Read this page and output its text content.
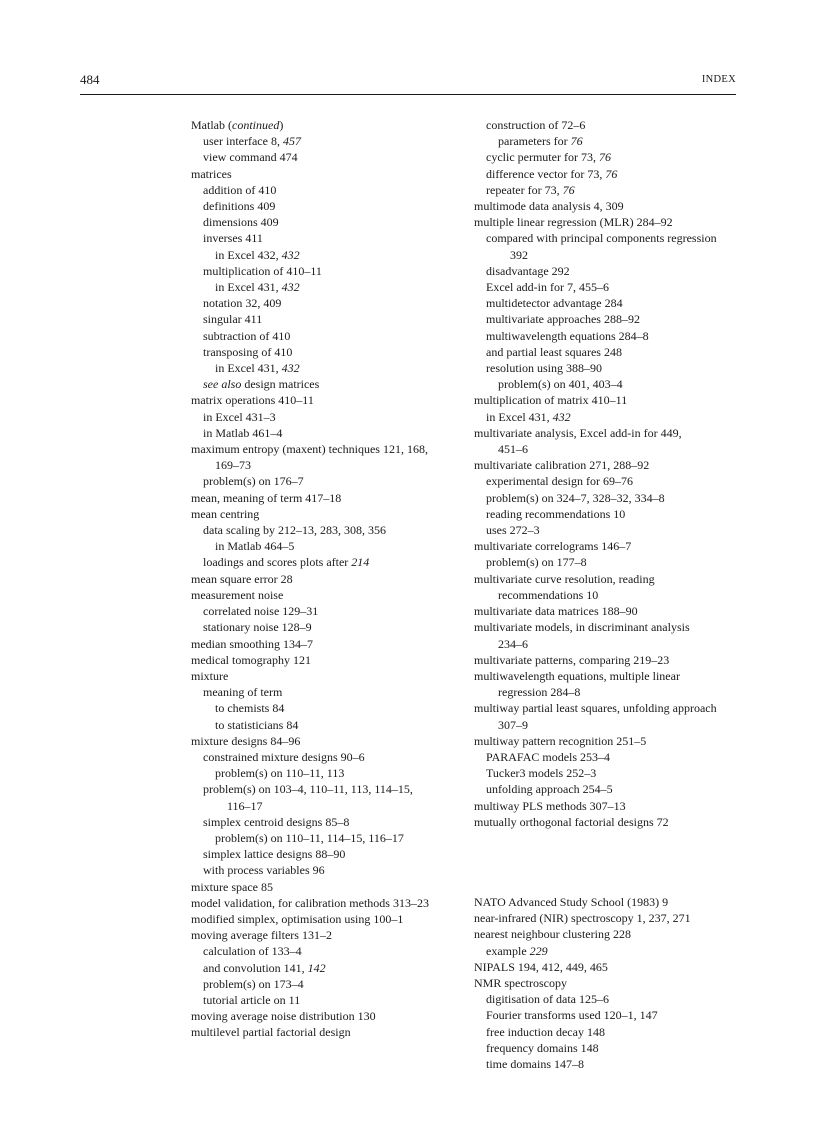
484	INDEX
Matlab (continued)
user interface 8, 457
view command 474
matrices
addition of 410
definitions 409
dimensions 409
inverses 411
in Excel 432, 432
multiplication of 410–11
in Excel 431, 432
notation 32, 409
singular 411
subtraction of 410
transposing of 410
in Excel 431, 432
see also design matrices
matrix operations 410–11
in Excel 431–3
in Matlab 461–4
maximum entropy (maxent) techniques 121, 168,
169–73
problem(s) on 176–7
mean, meaning of term 417–18
mean centring
data scaling by 212–13, 283, 308, 356
in Matlab 464–5
loadings and scores plots after 214
mean square error 28
measurement noise
correlated noise 129–31
stationary noise 128–9
median smoothing 134–7
medical tomography 121
mixture
meaning of term
to chemists 84
to statisticians 84
mixture designs 84–96
constrained mixture designs 90–6
problem(s) on 110–11, 113
problem(s) on 103–4, 110–11, 113, 114–15,
116–17
simplex centroid designs 85–8
problem(s) on 110–11, 114–15, 116–17
simplex lattice designs 88–90
with process variables 96
mixture space 85
model validation, for calibration methods 313–23
modified simplex, optimisation using 100–1
moving average filters 131–2
calculation of 133–4
and convolution 141, 142
problem(s) on 173–4
tutorial article on 11
moving average noise distribution 130
multilevel partial factorial design
construction of 72–6
parameters for 76
cyclic permuter for 73, 76
difference vector for 73, 76
repeater for 73, 76
multimode data analysis 4, 309
multiple linear regression (MLR) 284–92
compared with principal components regression
392
disadvantage 292
Excel add-in for 7, 455–6
multidetector advantage 284
multivariate approaches 288–92
multiwavelength equations 284–8
and partial least squares 248
resolution using 388–90
problem(s) on 401, 403–4
multiplication of matrix 410–11
in Excel 431, 432
multivariate analysis, Excel add-in for 449,
451–6
multivariate calibration 271, 288–92
experimental design for 69–76
problem(s) on 324–7, 328–32, 334–8
reading recommendations 10
uses 272–3
multivariate correlograms 146–7
problem(s) on 177–8
multivariate curve resolution, reading
recommendations 10
multivariate data matrices 188–90
multivariate models, in discriminant analysis
234–6
multivariate patterns, comparing 219–23
multiwavelength equations, multiple linear
regression 284–8
multiway partial least squares, unfolding approach
307–9
multiway pattern recognition 251–5
PARAFAC models 253–4
Tucker3 models 252–3
unfolding approach 254–5
multiway PLS methods 307–13
mutually orthogonal factorial designs 72
NATO Advanced Study School (1983) 9
near-infrared (NIR) spectroscopy 1, 237, 271
nearest neighbour clustering 228
example 229
NIPALS 194, 412, 449, 465
NMR spectroscopy
digitisation of data 125–6
Fourier transforms used 120–1, 147
free induction decay 148
frequency domains 148
time domains 147–8
